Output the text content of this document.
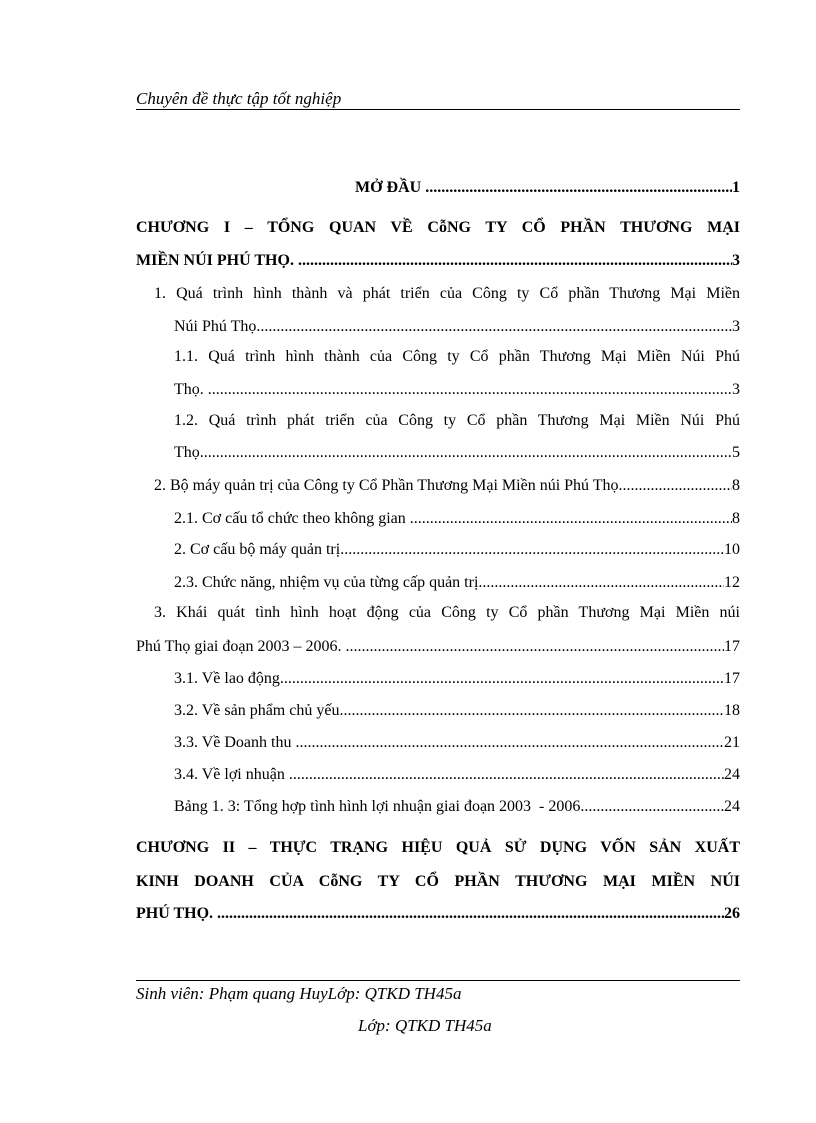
Chuyên đề thực tập tốt nghiệp
MỞ ĐẦU .....	1
CHƯƠNG I – TỔNG QUAN VỀ CỗNG TY CỔ PHẦN THƯƠNG MẠI
MIỀN NÚI PHÚ THỌ. .....	3
1. Quá trình hình thành và phát triển của Công ty Cổ phần Thương Mại Miền
Núi Phú Thọ. .....	3
1.1. Quá trình hình thành của Công ty Cổ phần Thương Mại Miền Núi Phú
Thọ. .....	3
1.2. Quá trình phát triển của Công ty Cổ phần Thương Mại Miền Núi Phú
Thọ .....	5
2. Bộ máy quản trị của Công ty Cổ Phần Thương Mại Miền núi Phú Thọ .....	8
2.1. Cơ cấu tổ chức theo không gian .....	8
2. Cơ cấu bộ máy quản trị .....	10
2.3. Chức năng, nhiệm vụ của từng cấp quản trị .....	12
3. Khái quát tình hình hoạt động của Công ty Cổ phần Thương Mại Miền núi
Phú Thọ giai đoạn 2003 – 2006. .....	17
3.1. Về lao động .....	17
3.2. Về sản phẩm chủ yếu .....	18
3.3. Về Doanh thu .....	21
3.4. Về lợi nhuận .....	24
Bảng 1. 3: Tổng hợp tình hình lợi nhuận giai đoạn 2003  - 2006 .....	24
CHƯƠNG II – THỰC TRẠNG HIỆU QUẢ SỬ DỤNG VỐN SẢN XUẤT
KINH DOANH CỦA CỗNG TY CỔ PHẦN THƯƠNG MẠI MIỀN NÚI
PHÚ THỌ. .....	26
Sinh viên: Phạm quang HuyLớp: QTKD TH45a
Lớp: QTKD TH45a
